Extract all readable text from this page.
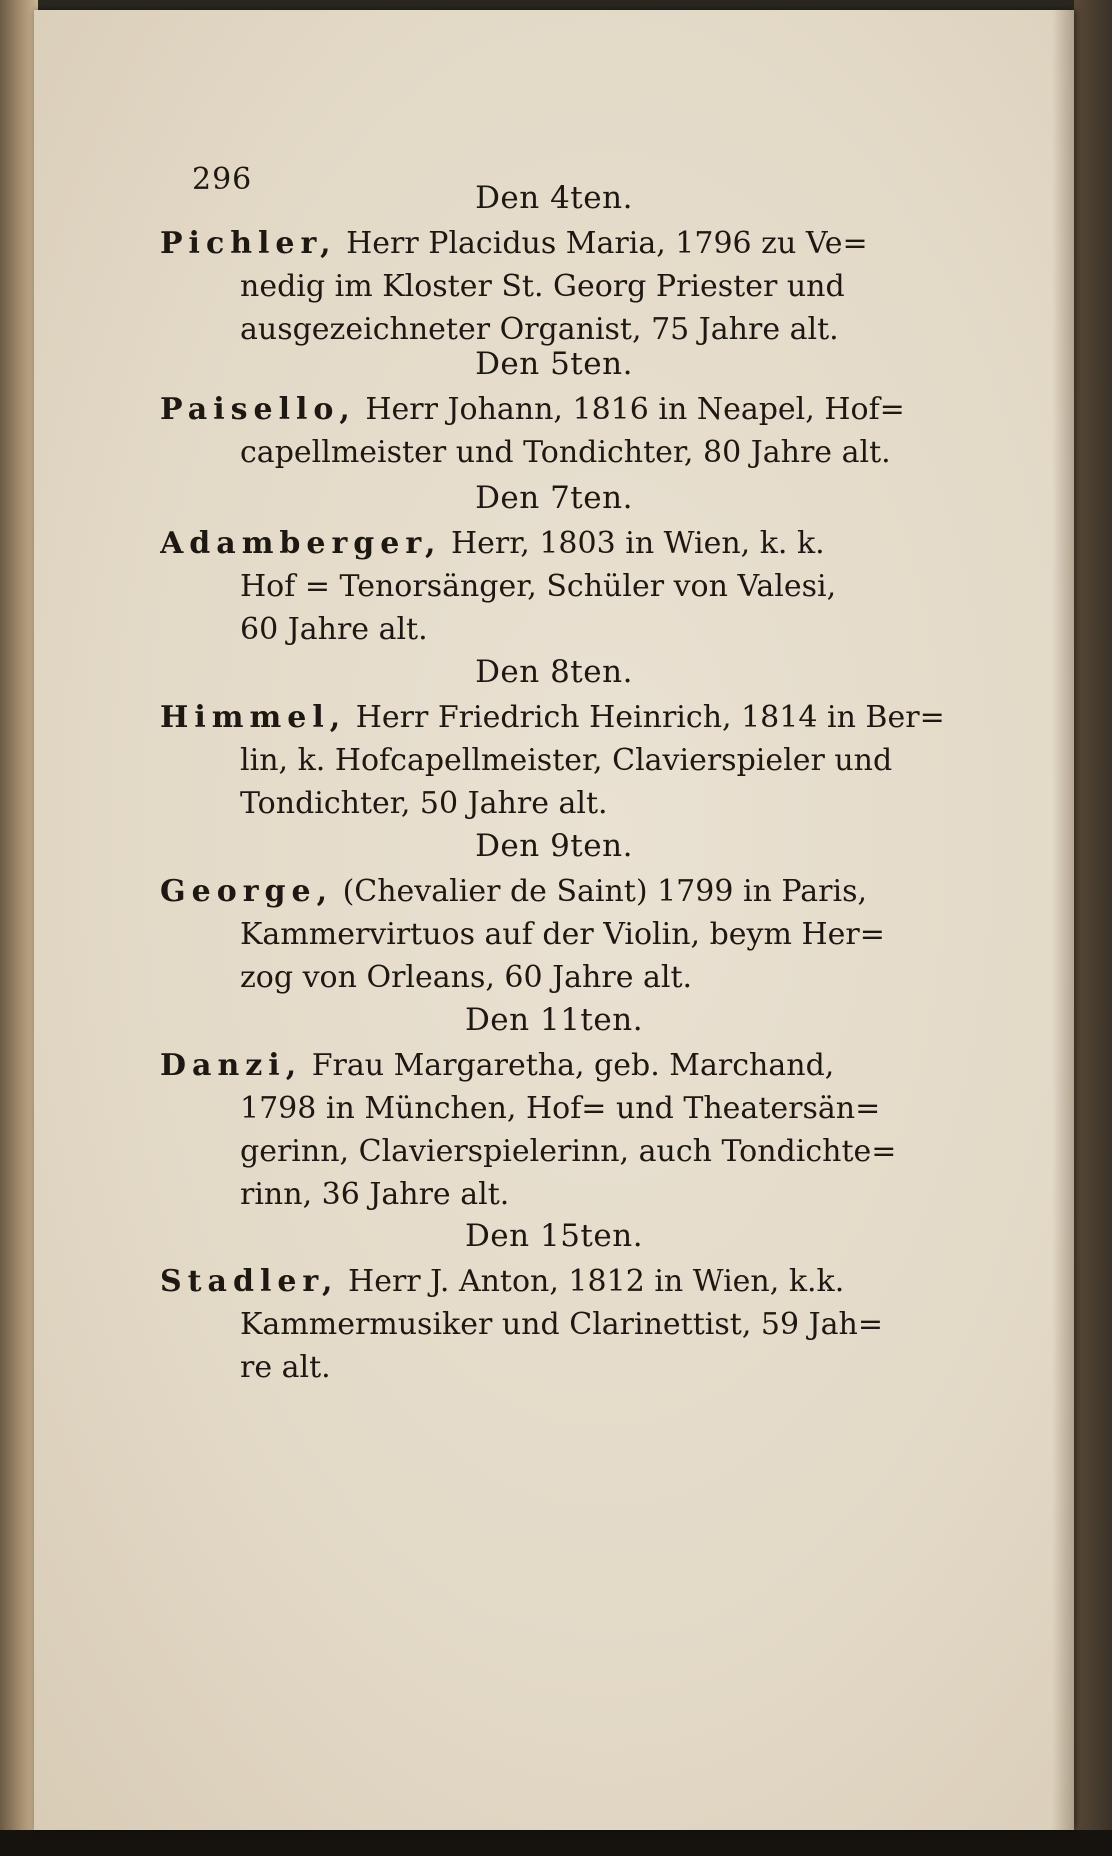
296
Den 4ten.
Pichler, Herr Placidus Maria, 1796 zu Ve=
nedig im Kloster St. Georg Priester und
ausgezeichneter Organist, 75 Jahre alt.
Den 5ten.
Paisello, Herr Johann, 1816 in Neapel, Hof=
capellmeister und Tondichter, 80 Jahre alt.
Den 7ten.
Adamberger, Herr, 1803 in Wien, k. k.
Hof = Tenorsänger, Schüler von Valesi,
60 Jahre alt.
Den 8ten.
Himmel, Herr Friedrich Heinrich, 1814 in Ber=
lin, k. Hofcapellmeister, Clavierspieler und
Tondichter, 50 Jahre alt.
Den 9ten.
George, (Chevalier de Saint) 1799 in Paris,
Kammervirtuos auf der Violin, beym Her=
zog von Orleans, 60 Jahre alt.
Den 11ten.
Danzi, Frau Margaretha, geb. Marchand,
1798 in München, Hof= und Theatersän=
gerinn, Clavierspielerinn, auch Tondichte=
rinn, 36 Jahre alt.
Den 15ten.
Stadler, Herr J. Anton, 1812 in Wien, k.k.
Kammermusiker und Clarinettist, 59 Jah=
re alt.
